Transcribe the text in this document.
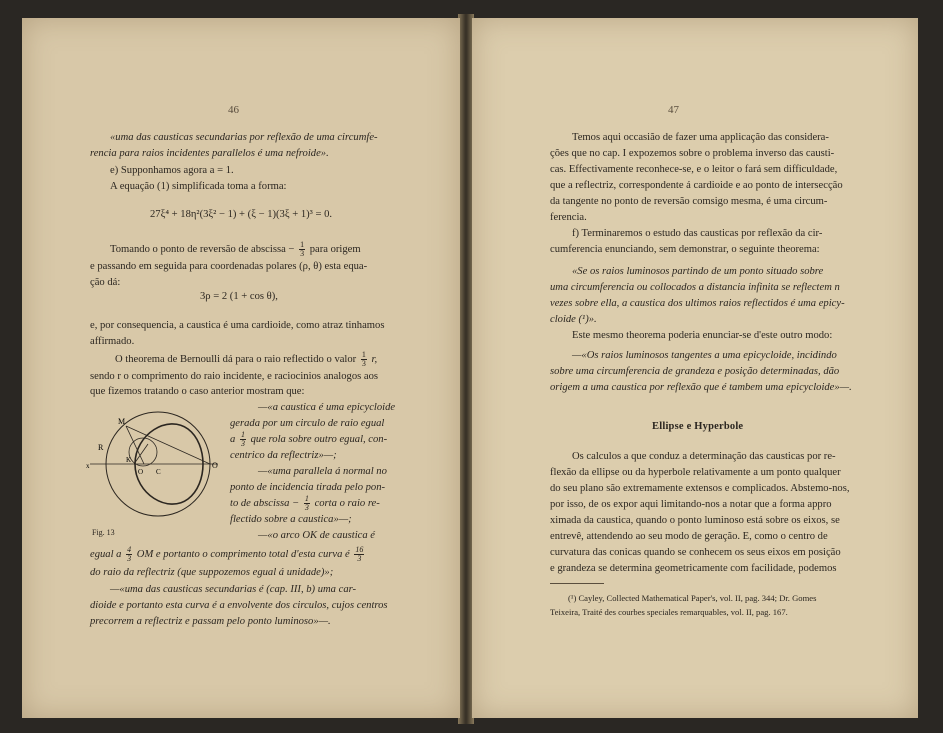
46
«uma das causticas secundarias por reflexão de uma circumfe-
rencia para raios incidentes parallelos é uma nefroide».
e) Supponhamos agora a = 1.
A equação (1) simplificada toma a forma:
27ξ⁴ + 18η²(3ξ² − 1) + (ξ − 1)(3ξ + 1)³ = 0.
Tomando o ponto de reversão de abscissa − $\frac{1}{3}$ para origem
e passando em seguida para coordenadas polares (ρ, θ) esta equa-
ção dá:
3ρ = 2 (1 + cos θ),
e, por consequencia, a caustica é uma cardioide, como atraz tinhamos
affirmado.
O theorema de Bernoulli dá para o raio reflectido o valor $\frac{1}{3} r$,
sendo r o comprimento do raio incidente, e raciocinios analogos aos
que fizemos tratando o caso anterior mostram que:
—«a caustica é uma epicycloide
gerada por um circulo de raio egual
a $\frac{1}{3}$ que rola sobre outro egual, con-
centrico da reflectriz»—;
—«uma parallela á normal no
ponto de incidencia tirada pelo pon-
to de abscissa − $\frac{1}{3}$ corta o raio re-
flectido sobre a caustica»—;
—«o arco OK de caustica é
egual a $\frac{4}{3}$ OM e portanto o comprimento total d'esta curva é $\frac{16}{3}$
do raio da reflectriz (que suppozemos egual á unidade)»;
—«uma das causticas secundarias é (cap. III, b) uma car-
dioide e portanto esta curva é a envolvente dos circulos, cujos centros
precorrem a reflectriz e passam pelo ponto luminoso»—.
M
R
K
x	O
C
O
Fig. 13
47
Temos aqui occasião de fazer uma applicação das considera-
ções que no cap. I expozemos sobre o problema inverso das causti-
cas. Effectivamente reconhece-se, e o leitor o fará sem difficuldade,
que a reflectriz, correspondente á cardioide e ao ponto de intersecção
da tangente no ponto de reversão comsigo mesma, é uma circum-
ferencia.
f) Terminaremos o estudo das causticas por reflexão da cir-
cumferencia enunciando, sem demonstrar, o seguinte theorema:
«Se os raios luminosos partindo de um ponto situado sobre
uma circumferencia ou collocados a distancia infinita se reflectem n
vezes sobre ella, a caustica dos ultimos raios reflectidos é uma epicy-
cloide (¹)».
Este mesmo theorema poderia enunciar-se d'este outro modo:
—«Os raios luminosos tangentes a uma epicycloide, incidindo
sobre uma circumferencia de grandeza e posição determinadas, dão
origem a uma caustica por reflexão que é tambem uma epicycloide»—.
Ellipse e Hyperbole
Os calculos a que conduz a determinação das causticas por re-
flexão da ellipse ou da hyperbole relativamente a um ponto qualquer
do seu plano são extremamente extensos e complicados. Abstemo-nos,
por isso, de os expor aqui limitando-nos a notar que a forma appro
ximada da caustica, quando o ponto luminoso está sobre os eixos, se
entrevê, attendendo ao seu modo de geração. E, como o centro de
curvatura das conicas quando se conhecem os seus eixos em posição
e grandeza se determina geometricamente com facilidade, podemos
(¹) Cayley, Collected Mathematical Paper's, vol. II, pag. 344; Dr. Gomes
Teixeira, Traité des courbes speciales remarquables, vol. II, pag. 167.
